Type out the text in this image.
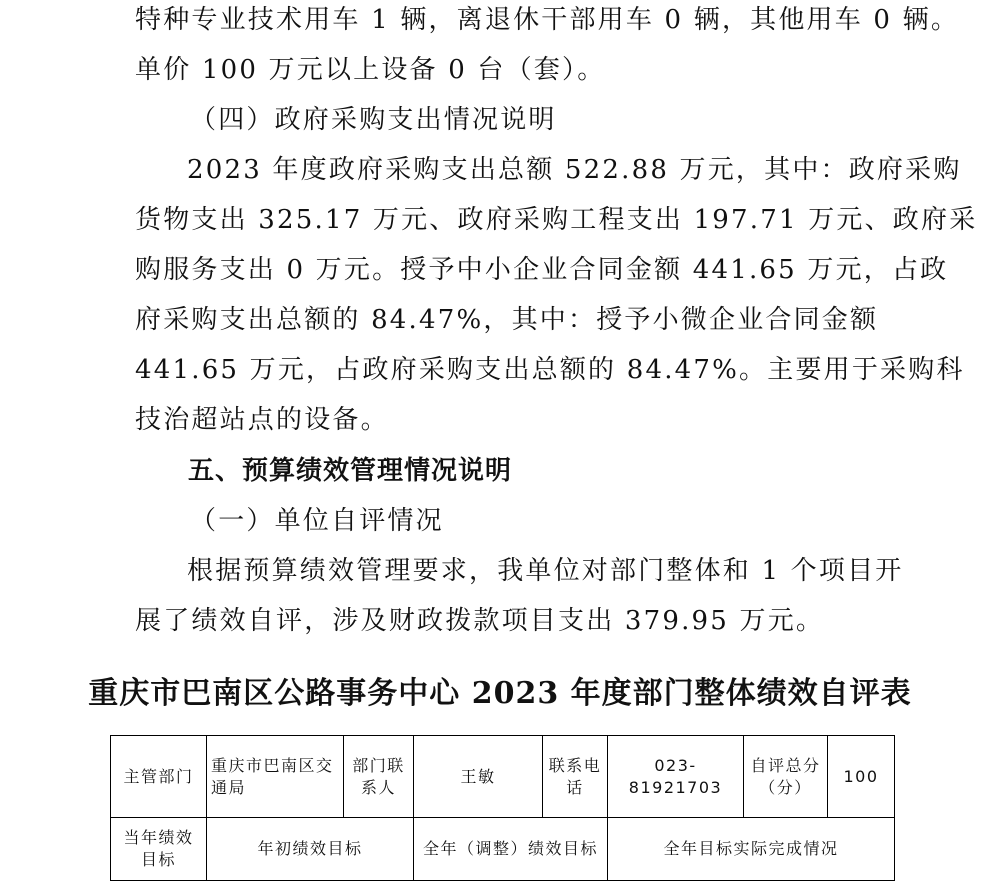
特种专业技术用车 1 辆，离退休干部用车 0 辆，其他用车 0 辆。
单价 100 万元以上设备 0 台（套）。
（四）政府采购支出情况说明
2023 年度政府采购支出总额 522.88 万元，其中：政府采购
货物支出 325.17 万元、政府采购工程支出 197.71 万元、政府采
购服务支出 0 万元。授予中小企业合同金额 441.65 万元，占政
府采购支出总额的 84.47%，其中：授予小微企业合同金额
441.65 万元，占政府采购支出总额的 84.47%。主要用于采购科
技治超站点的设备。
五、预算绩效管理情况说明
（一）单位自评情况
根据预算绩效管理要求，我单位对部门整体和 1 个项目开
展了绩效自评，涉及财政拨款项目支出 379.95 万元。
重庆市巴南区公路事务中心 2023 年度部门整体绩效自评表
主管部门	重庆市巴南区交通局	部门联系人	王敏	联系电话	023-81921703	自评总分（分）	100
当年绩效目标	年初绩效目标		全年（调整）绩效目标		全年目标实际完成情况		
